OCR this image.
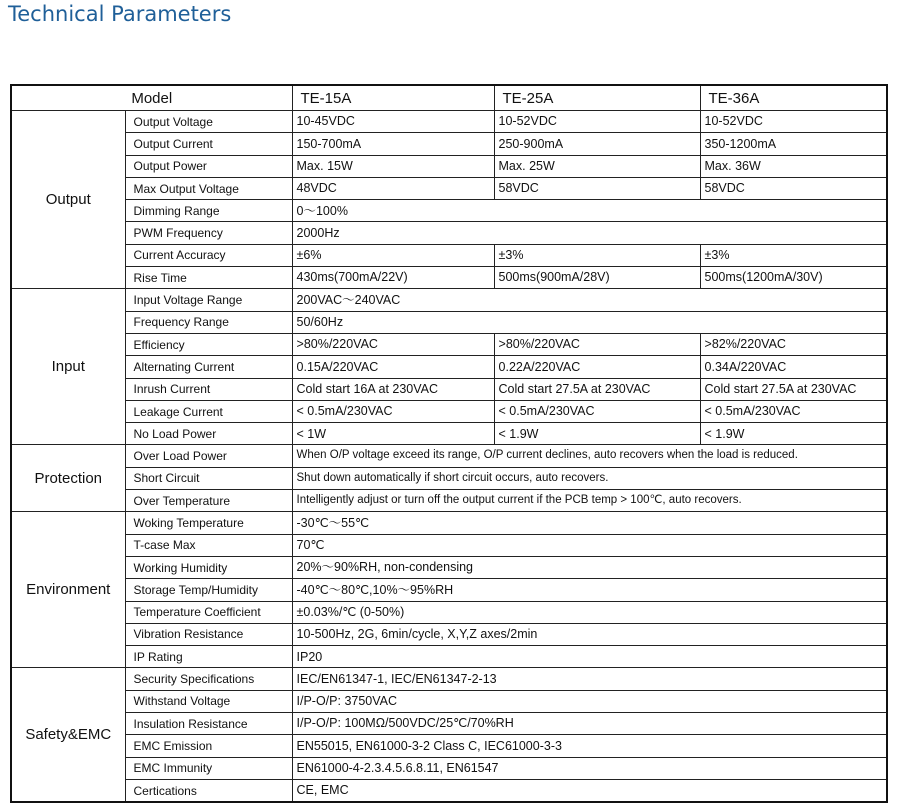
Technical Parameters
Model		TE-15A	TE-25A	TE-36A
Output	Output Voltage	10-45VDC	10-52VDC	10-52VDC
	Output Current	150-700mA	250-900mA	350-1200mA
	Output Power	Max. 15W	Max. 25W	Max. 36W
	Max Output Voltage	48VDC	58VDC	58VDC
	Dimming Range	0～100%		
	PWM Frequency	2000Hz		
	Current Accuracy	±6%	±3%	±3%
	Rise Time	430ms(700mA/22V)	500ms(900mA/28V)	500ms(1200mA/30V)
Input	Input Voltage Range	200VAC～240VAC		
	Frequency Range	50/60Hz		
	Efficiency	>80%/220VAC	>80%/220VAC	>82%/220VAC
	Alternating Current	0.15A/220VAC	0.22A/220VAC	0.34A/220VAC
	Inrush Current	Cold start 16A at 230VAC	Cold start 27.5A at 230VAC	Cold start 27.5A at 230VAC
	Leakage Current	< 0.5mA/230VAC	< 0.5mA/230VAC	< 0.5mA/230VAC
	No Load Power	< 1W	< 1.9W	< 1.9W
Protection	Over Load Power	When O/P voltage exceed its range, O/P current declines, auto recovers when the load is reduced.		
	Short Circuit	Shut down automatically if short circuit occurs, auto recovers.		
	Over Temperature	Intelligently adjust or turn off the output current if the PCB temp > 100℃, auto recovers.		
Environment	Woking Temperature	-30℃～55℃		
	T-case Max	70℃		
	Working Humidity	20%～90%RH, non-condensing		
	Storage Temp/Humidity	-40℃～80℃,10%～95%RH		
	Temperature Coefficient	±0.03%/℃ (0-50%)		
	Vibration Resistance	10-500Hz, 2G, 6min/cycle, X,Y,Z axes/2min		
	IP Rating	IP20		
Safety&EMC	Security Specifications	IEC/EN61347-1, IEC/EN61347-2-13		
	Withstand Voltage	I/P-O/P: 3750VAC		
	Insulation Resistance	I/P-O/P: 100MΩ/500VDC/25℃/70%RH		
	EMC Emission	EN55015, EN61000-3-2 Class C, IEC61000-3-3		
	EMC Immunity	EN61000-4-2.3.4.5.6.8.11, EN61547		
	Certications	CE, EMC		
